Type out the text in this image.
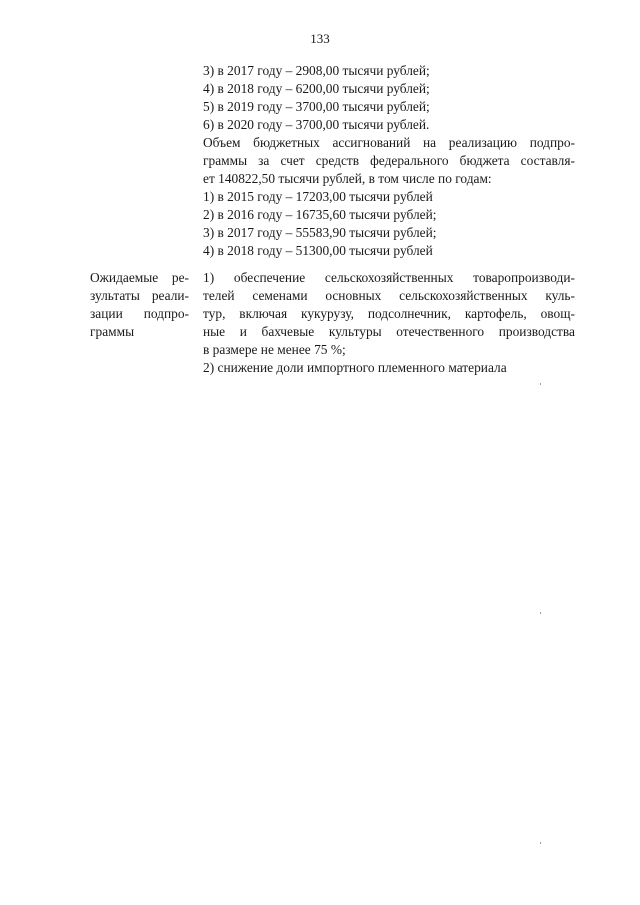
133
3) в 2017 году – 2908,00 тысячи рублей;
4) в 2018 году – 6200,00 тысячи рублей;
5) в 2019 году – 3700,00 тысячи рублей;
6) в 2020 году – 3700,00 тысячи рублей.
Объем бюджетных ассигнований на реализацию подпро-
граммы за счет средств федерального бюджета составля-
ет 140822,50 тысячи рублей, в том числе по годам:
1) в 2015 году – 17203,00 тысячи рублей
2) в 2016 году – 16735,60 тысячи рублей;
3) в 2017 году – 55583,90 тысячи рублей;
4) в 2018 году – 51300,00 тысячи рублей
Ожидаемые ре-
зультаты реали-
зации подпро-
граммы
1) обеспечение сельскохозяйственных товаропроизводи-
телей семенами основных сельскохозяйственных куль-
тур, включая кукурузу, подсолнечник, картофель, овощ-
ные и бахчевые культуры отечественного производства
в размере не менее 75 %;
2) снижение доли импортного племенного материала
